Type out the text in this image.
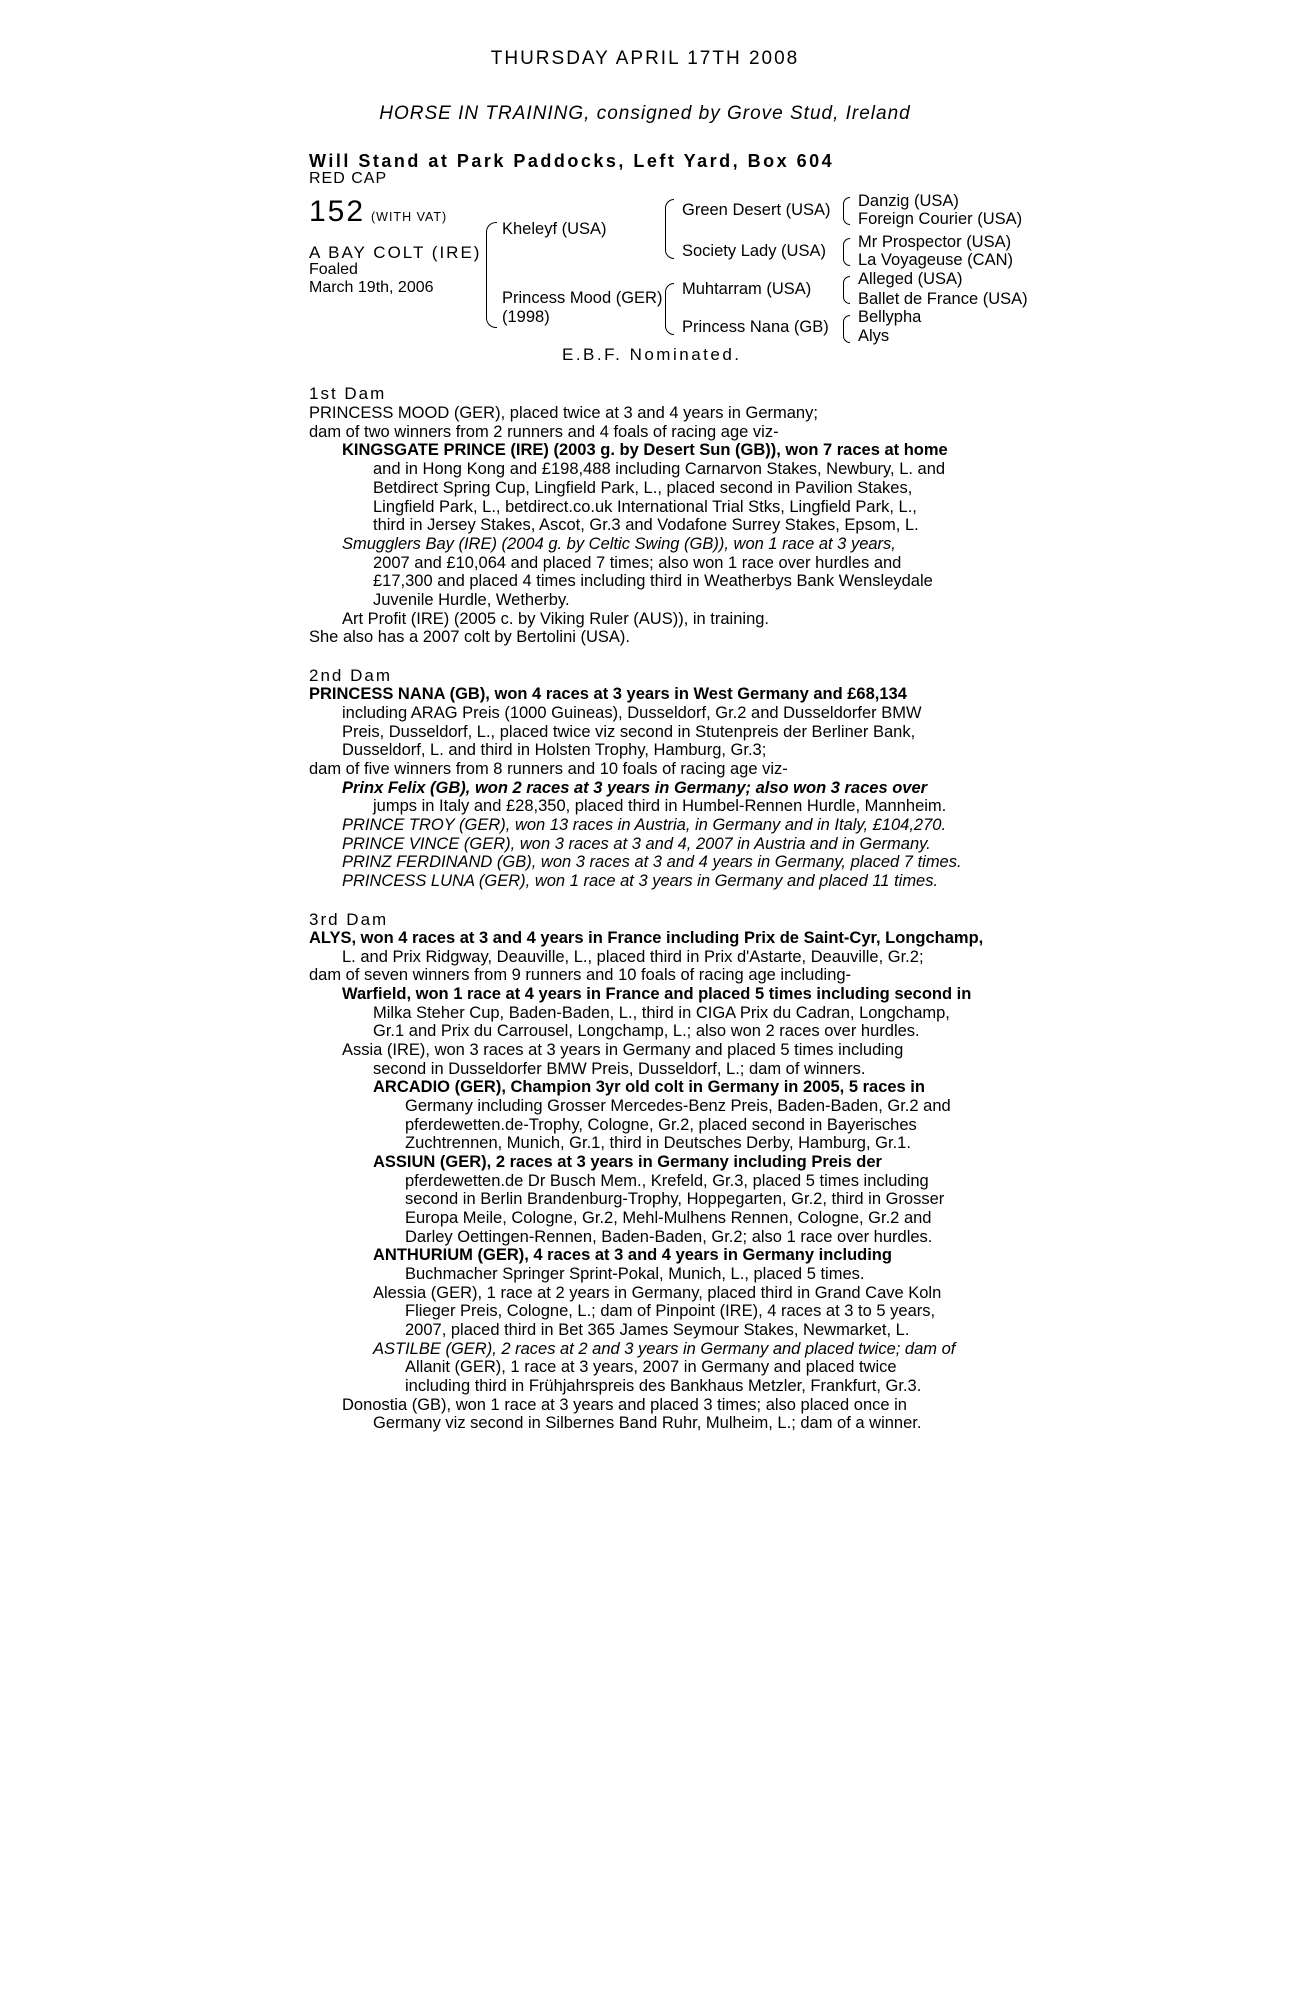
THURSDAY APRIL 17TH 2008
HORSE IN TRAINING, consigned by Grove Stud, Ireland
Will Stand at Park Paddocks, Left Yard, Box 604
RED CAP
152 (WITH VAT)
A BAY COLT (IRE)
Foaled
March 19th, 2006
Kheleyf (USA)
Princess Mood (GER)
(1998)
Green Desert (USA)
Society Lady (USA)
Muhtarram (USA)
Princess Nana (GB)
Danzig (USA)
Foreign Courier (USA)
Mr Prospector (USA)
La Voyageuse (CAN)
Alleged (USA)
Ballet de France (USA)
Bellypha
Alys
E.B.F. Nominated.
1st Dam
PRINCESS MOOD (GER), placed twice at 3 and 4 years in Germany;
dam of two winners from 2 runners and 4 foals of racing age viz-
KINGSGATE PRINCE (IRE) (2003 g. by Desert Sun (GB)), won 7 races at home
and in Hong Kong and £198,488 including Carnarvon Stakes, Newbury, L. and
Betdirect Spring Cup, Lingfield Park, L., placed second in Pavilion Stakes,
Lingfield Park, L., betdirect.co.uk International Trial Stks, Lingfield Park, L.,
third in Jersey Stakes, Ascot, Gr.3 and Vodafone Surrey Stakes, Epsom, L.
Smugglers Bay (IRE) (2004 g. by Celtic Swing (GB)), won 1 race at 3 years,
2007 and £10,064 and placed 7 times; also won 1 race over hurdles and
£17,300 and placed 4 times including third in Weatherbys Bank Wensleydale
Juvenile Hurdle, Wetherby.
Art Profit (IRE) (2005 c. by Viking Ruler (AUS)), in training.
She also has a 2007 colt by Bertolini (USA).
2nd Dam
PRINCESS NANA (GB), won 4 races at 3 years in West Germany and £68,134
including ARAG Preis (1000 Guineas), Dusseldorf, Gr.2 and Dusseldorfer BMW
Preis, Dusseldorf, L., placed twice viz second in Stutenpreis der Berliner Bank,
Dusseldorf, L. and third in Holsten Trophy, Hamburg, Gr.3;
dam of five winners from 8 runners and 10 foals of racing age viz-
Prinx Felix (GB), won 2 races at 3 years in Germany; also won 3 races over
jumps in Italy and £28,350, placed third in Humbel-Rennen Hurdle, Mannheim.
PRINCE TROY (GER), won 13 races in Austria, in Germany and in Italy, £104,270.
PRINCE VINCE (GER), won 3 races at 3 and 4, 2007 in Austria and in Germany.
PRINZ FERDINAND (GB), won 3 races at 3 and 4 years in Germany, placed 7 times.
PRINCESS LUNA (GER), won 1 race at 3 years in Germany and placed 11 times.
3rd Dam
ALYS, won 4 races at 3 and 4 years in France including Prix de Saint-Cyr, Longchamp,
L. and Prix Ridgway, Deauville, L., placed third in Prix d'Astarte, Deauville, Gr.2;
dam of seven winners from 9 runners and 10 foals of racing age including-
Warfield, won 1 race at 4 years in France and placed 5 times including second in
Milka Steher Cup, Baden-Baden, L., third in CIGA Prix du Cadran, Longchamp,
Gr.1 and Prix du Carrousel, Longchamp, L.; also won 2 races over hurdles.
Assia (IRE), won 3 races at 3 years in Germany and placed 5 times including
second in Dusseldorfer BMW Preis, Dusseldorf, L.; dam of winners.
ARCADIO (GER), Champion 3yr old colt in Germany in 2005, 5 races in
Germany including Grosser Mercedes-Benz Preis, Baden-Baden, Gr.2 and
pferdewetten.de-Trophy, Cologne, Gr.2, placed second in Bayerisches
Zuchtrennen, Munich, Gr.1, third in Deutsches Derby, Hamburg, Gr.1.
ASSIUN (GER), 2 races at 3 years in Germany including Preis der
pferdewetten.de Dr Busch Mem., Krefeld, Gr.3, placed 5 times including
second in Berlin Brandenburg-Trophy, Hoppegarten, Gr.2, third in Grosser
Europa Meile, Cologne, Gr.2, Mehl-Mulhens Rennen, Cologne, Gr.2 and
Darley Oettingen-Rennen, Baden-Baden, Gr.2; also 1 race over hurdles.
ANTHURIUM (GER), 4 races at 3 and 4 years in Germany including
Buchmacher Springer Sprint-Pokal, Munich, L., placed 5 times.
Alessia (GER), 1 race at 2 years in Germany, placed third in Grand Cave Koln
Flieger Preis, Cologne, L.; dam of Pinpoint (IRE), 4 races at 3 to 5 years,
2007, placed third in Bet 365 James Seymour Stakes, Newmarket, L.
ASTILBE (GER), 2 races at 2 and 3 years in Germany and placed twice; dam of
Allanit (GER), 1 race at 3 years, 2007 in Germany and placed twice
including third in Frühjahrspreis des Bankhaus Metzler, Frankfurt, Gr.3.
Donostia (GB), won 1 race at 3 years and placed 3 times; also placed once in
Germany viz second in Silbernes Band Ruhr, Mulheim, L.; dam of a winner.
